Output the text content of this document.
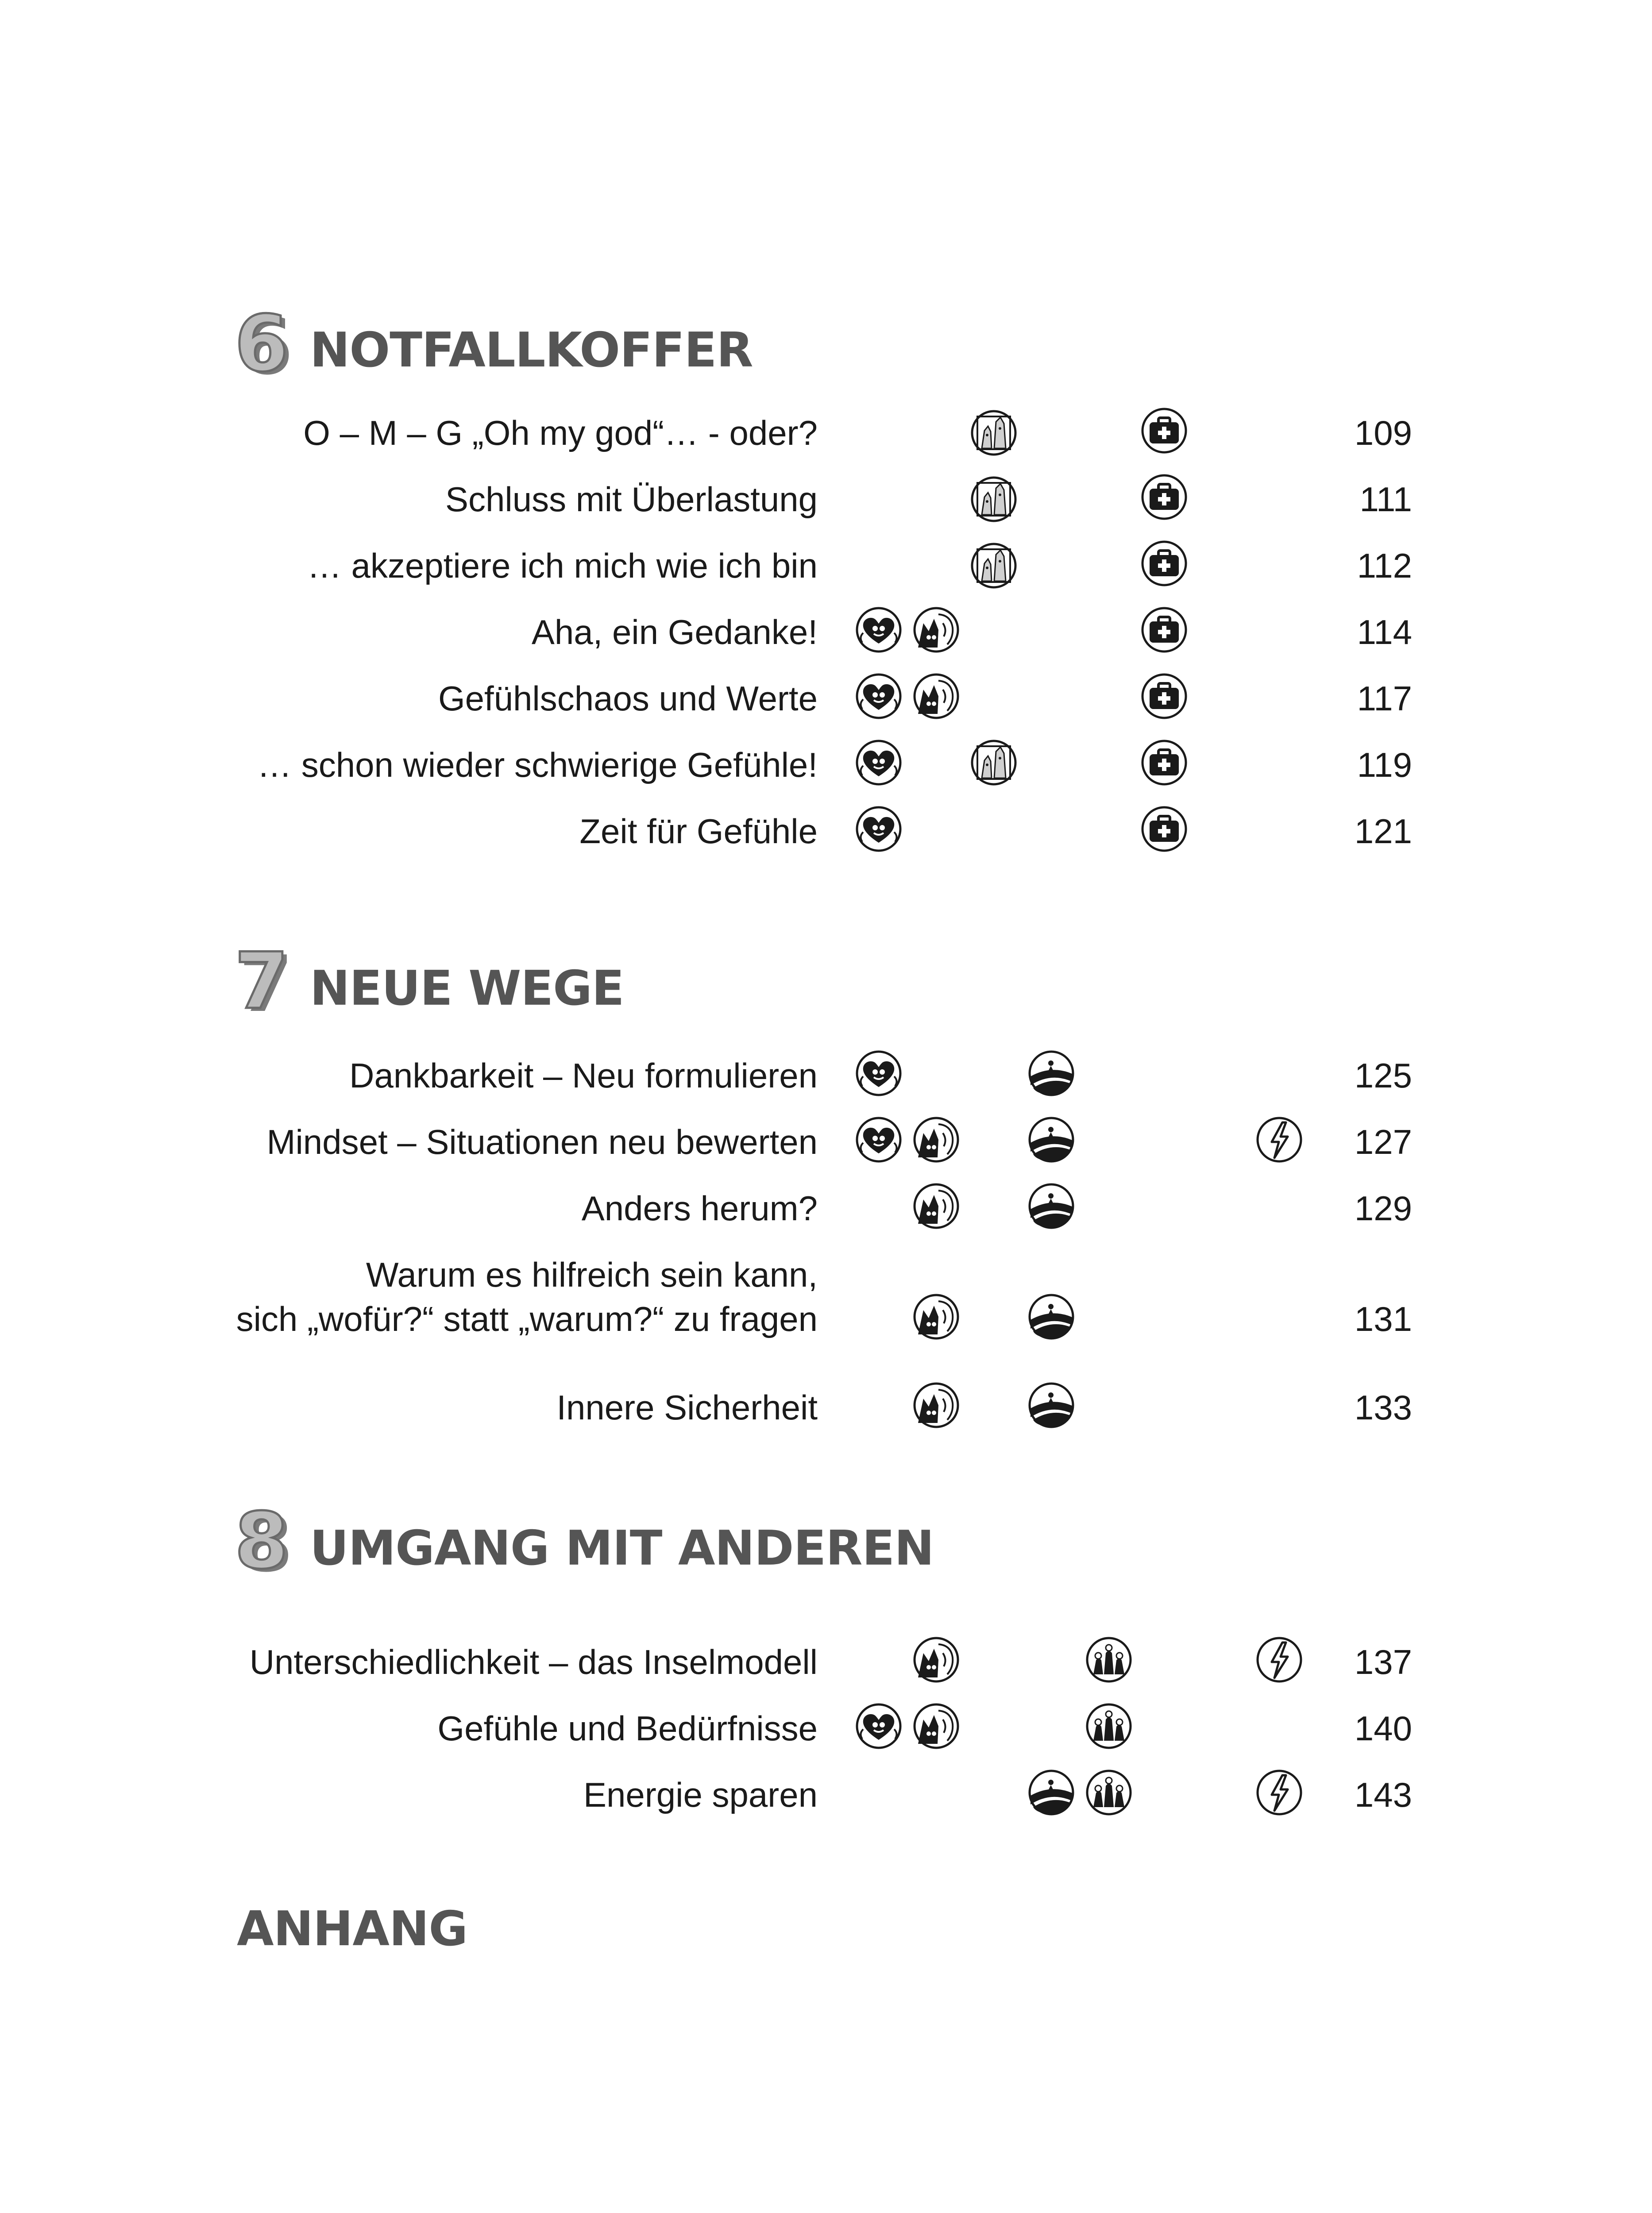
6 NOTFALLKOFFER
O – M – G „Oh my god“… - oder?	109
Schluss mit Überlastung	111
… akzeptiere ich mich wie ich bin	112
Aha, ein Gedanke!	114
Gefühlschaos und Werte	117
… schon wieder schwierige Gefühle!	119
Zeit für Gefühle	121
7 NEUE WEGE
Dankbarkeit – Neu formulieren	125
Mindset – Situationen neu bewerten	127
Anders herum?	129
Warum es hilfreich sein kann,
sich „wofür?“ statt „warum?“ zu fragen	131
Innere Sicherheit	133
8 UMGANG MIT ANDEREN
Unterschiedlichkeit – das Inselmodell	137
Gefühle und Bedürfnisse	140
Energie sparen	143
ANHANG
